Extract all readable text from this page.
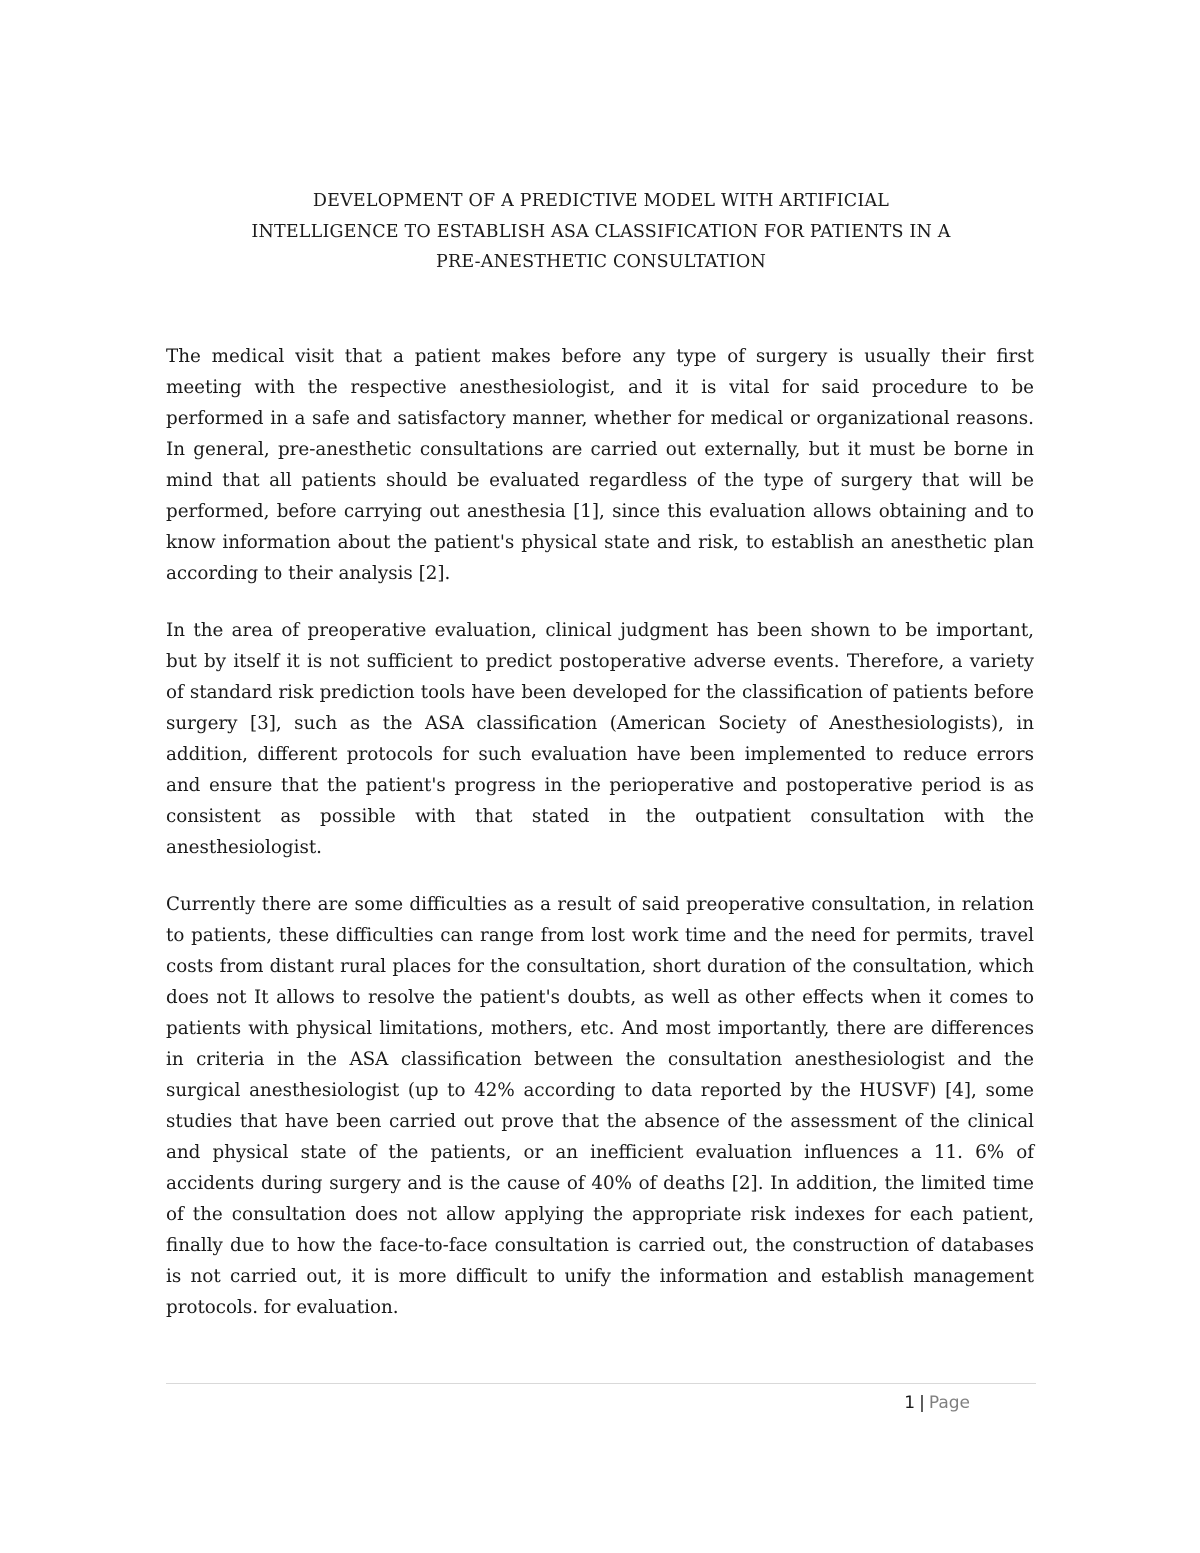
DEVELOPMENT OF A PREDICTIVE MODEL WITH ARTIFICIAL
INTELLIGENCE TO ESTABLISH ASA CLASSIFICATION FOR PATIENTS IN A
PRE-ANESTHETIC CONSULTATION

The medical visit that a patient makes before any type of surgery is usually their first meeting with the respective anesthesiologist, and it is vital for said procedure to be performed in a safe and satisfactory manner, whether for medical or organizational reasons. In general, pre-anesthetic consultations are carried out externally, but it must be borne in mind that all patients should be evaluated regardless of the type of surgery that will be performed, before carrying out anesthesia [1], since this evaluation allows obtaining and to know information about the patient's physical state and risk, to establish an anesthetic plan according to their analysis [2].

In the area of preoperative evaluation, clinical judgment has been shown to be important, but by itself it is not sufficient to predict postoperative adverse events. Therefore, a variety of standard risk prediction tools have been developed for the classification of patients before surgery [3], such as the ASA classification (American Society of Anesthesiologists), in addition, different protocols for such evaluation have been implemented to reduce errors and ensure that the patient's progress in the perioperative and postoperative period is as consistent as possible with that stated in the outpatient consultation with the anesthesiologist.

Currently there are some difficulties as a result of said preoperative consultation, in relation to patients, these difficulties can range from lost work time and the need for permits, travel costs from distant rural places for the consultation, short duration of the consultation, which does not It allows to resolve the patient's doubts, as well as other effects when it comes to patients with physical limitations, mothers, etc. And most importantly, there are differences in criteria in the ASA classification between the consultation anesthesiologist and the surgical anesthesiologist (up to 42% according to data reported by the HUSVF) [4], some studies that have been carried out prove that the absence of the assessment of the clinical and physical state of the patients, or an inefficient evaluation influences a 11. 6% of accidents during surgery and is the cause of 40% of deaths [2]. In addition, the limited time of the consultation does not allow applying the appropriate risk indexes for each patient, finally due to how the face-to-face consultation is carried out, the construction of databases is not carried out, it is more difficult to unify the information and establish management protocols. for evaluation.

1 | Page
